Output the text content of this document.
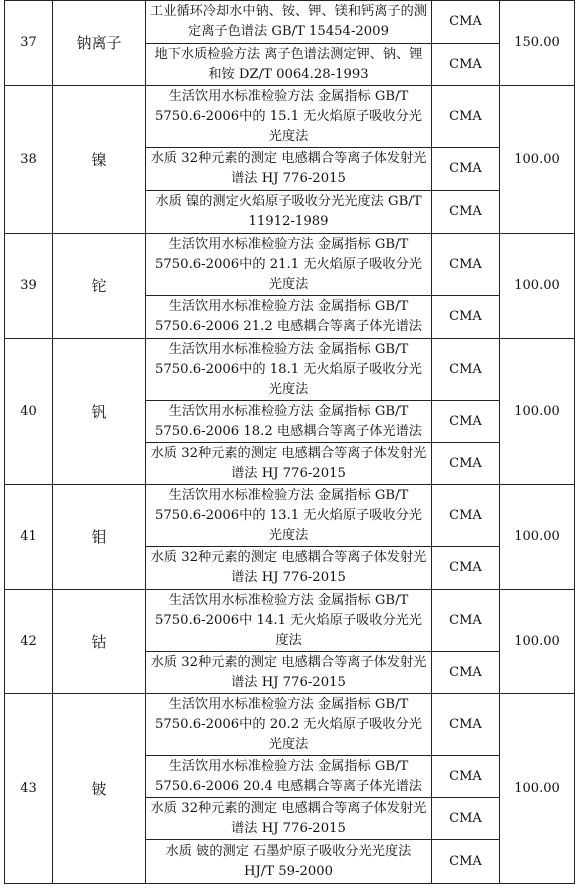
37	钠离子	工业循环冷却水中钠、铵、钾、镁和钙离子的测定离子色谱法 GB/T 15454-2009	CMA	150.00
		地下水质检验方法 离子色谱法测定钾、钠、锂和铵 DZ/T 0064.28-1993	CMA	
38	镍	生活饮用水标准检验方法 金属指标 GB/T 5750.6-2006中的 15.1 无火焰原子吸收分光光度法	CMA	100.00
		水质 32种元素的测定 电感耦合等离子体发射光谱法 HJ 776-2015	CMA	
		水质 镍的测定火焰原子吸收分光光度法 GB/T 11912-1989	CMA	
39	铊	生活饮用水标准检验方法 金属指标 GB/T 5750.6-2006中的 21.1 无火焰原子吸收分光光度法	CMA	100.00
		生活饮用水标准检验方法 金属指标 GB/T 5750.6-2006 21.2 电感耦合等离子体光谱法	CMA	
40	钒	生活饮用水标准检验方法 金属指标 GB/T 5750.6-2006中的 18.1 无火焰原子吸收分光光度法	CMA	100.00
		生活饮用水标准检验方法 金属指标 GB/T 5750.6-2006 18.2 电感耦合等离子体光谱法	CMA	
		水质 32种元素的测定 电感耦合等离子体发射光谱法 HJ 776-2015	CMA	
41	钼	生活饮用水标准检验方法 金属指标 GB/T 5750.6-2006中的 13.1 无火焰原子吸收分光光度法	CMA	100.00
		水质 32种元素的测定 电感耦合等离子体发射光谱法 HJ 776-2015	CMA	
42	钴	生活饮用水标准检验方法 金属指标 GB/T 5750.6-2006中 14.1 无火焰原子吸收分光光度法	CMA	100.00
		水质 32种元素的测定 电感耦合等离子体发射光谱法 HJ 776-2015	CMA	
43	铍	生活饮用水标准检验方法 金属指标 GB/T 5750.6-2006中的 20.2 无火焰原子吸收分光光度法	CMA	100.00
		生活饮用水标准检验方法 金属指标 GB/T 5750.6-2006 20.4 电感耦合等离子体光谱法	CMA	
		水质 32种元素的测定 电感耦合等离子体发射光谱法 HJ 776-2015	CMA	
		水质 铍的测定 石墨炉原子吸收分光光度法 HJ/T 59-2000	CMA	
